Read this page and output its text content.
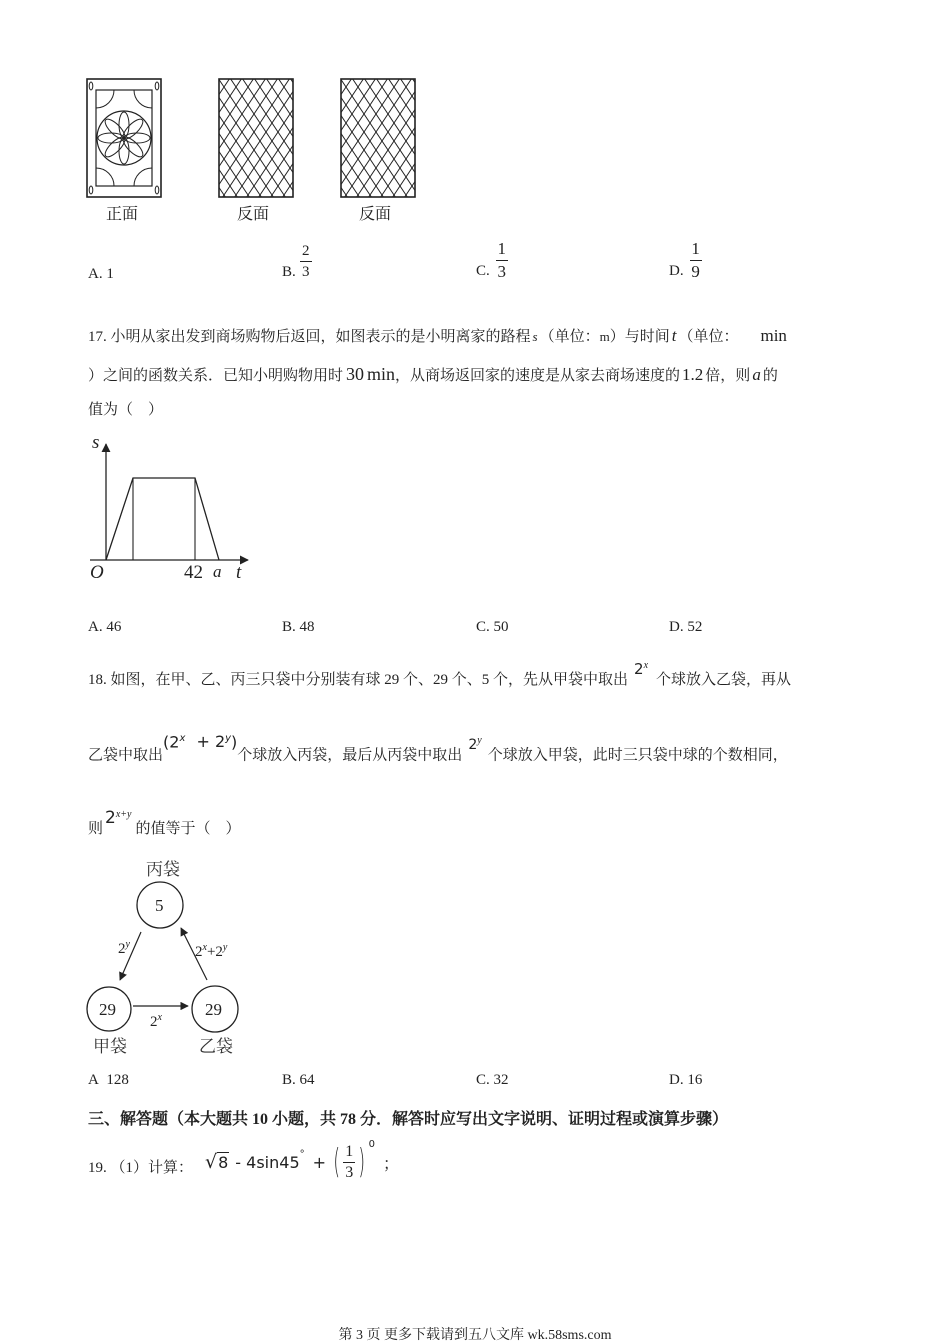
正面	反面	反面
A. 1	B. $\frac{2}{3}$	C. $\frac{1}{3}$	D. $\frac{1}{9}$
17. 小明从家出发到商场购物后返回，如图表示的是小明离家的路程 s （单位：m）与时间 t （单位： min
）之间的函数关系．已知小明购物用时 30 min，从商场返回家的速度是从家去商场速度的 1.2 倍，则 a 的
值为（　）
s
t
O	42 a
A. 46	B. 48	C. 50	D. 52
18. 如图，在甲、乙、丙三只袋中分别装有球 29 个、29 个、5 个，先从甲袋中取出2$^x$个球放入乙袋，再从
乙袋中取出$(2^x + 2^y)$个球放入丙袋，最后从丙袋中取出2$^y$个球放入甲袋，此时三只袋中球的个数相同，
则$2^{x+y}$的值等于（　）
丙袋
5
29
甲袋
29
乙袋
2$^y$	$2^x+2^y$
2$^x$
A 128	B. 64	C. 32	D. 16
三、解答题（本大题共 10 小题，共 78 分．解答时应写出文字说明、证明过程或演算步骤）
19. （1）计算： √ 8 - 4sin45 ° + ( $\frac{1}{3}$ ) 0
；
第 3 页 更多下载请到五八文库 wk.58sms.com
